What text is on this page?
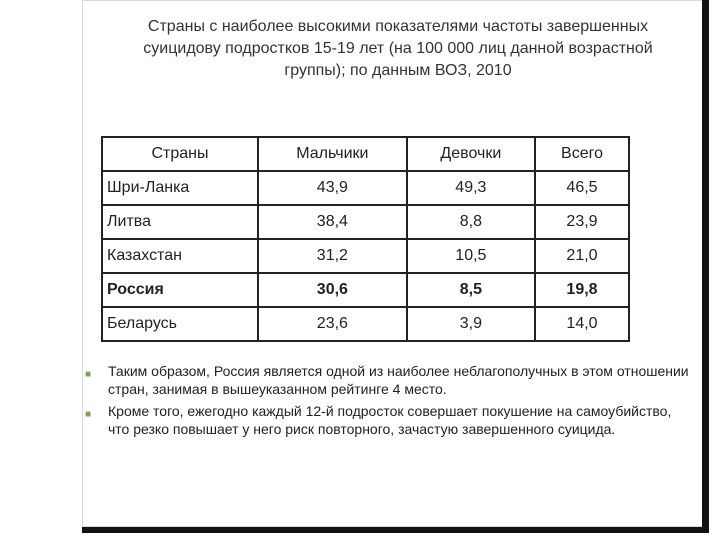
Страны с наиболее высокими показателями частоты завершенных
суицидову подростков 15-19 лет (на 100 000 лиц данной возрастной
группы); по данным ВОЗ, 2010
Страны	Мальчики	Девочки	Всего
Шри-Ланка	43,9	49,3	46,5
Литва	38,4	8,8	23,9
Казахстан	31,2	10,5	21,0
Россия	30,6	8,5	19,8
Беларусь	23,6	3,9	14,0
■ Таким образом, Россия является одной из наиболее неблагополучных в этом отношении стран, занимая в вышеуказанном рейтинге 4 место.
■ Кроме того, ежегодно каждый 12-й подросток совершает покушение на самоубийство, что резко повышает у него риск повторного, зачастую завершенного суицида.
